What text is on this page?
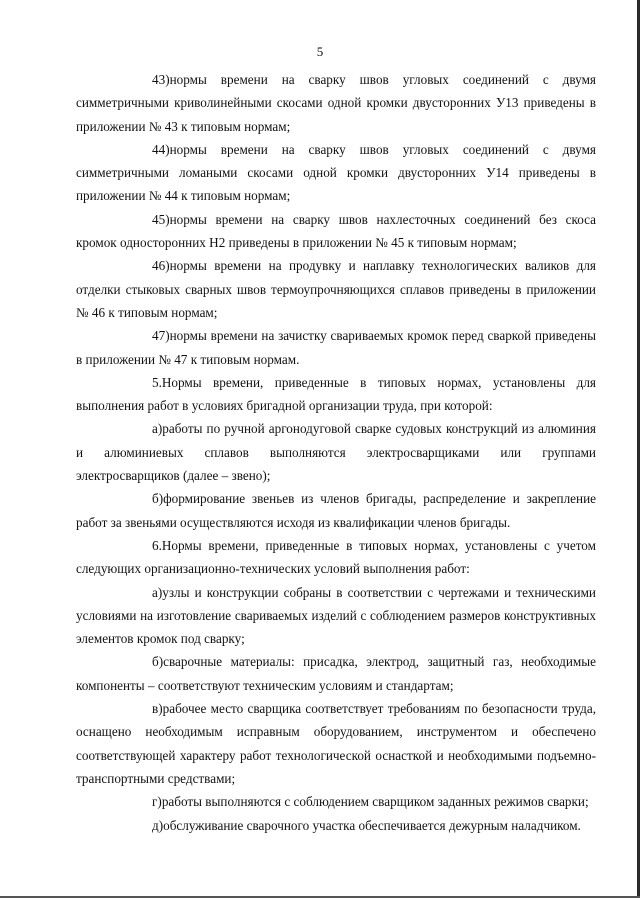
5

43)нормы времени на сварку швов угловых соединений с двумя симметричными криволинейными скосами одной кромки двусторонних У13 приведены в приложении № 43 к типовым нормам;

44)нормы времени на сварку швов угловых соединений с двумя симметричными ломаными скосами одной кромки двусторонних У14 приведены в приложении № 44 к типовым нормам;

45)нормы времени на сварку швов нахлесточных соединений без скоса кромок односторонних Н2 приведены в приложении № 45 к типовым нормам;

46)нормы времени на продувку и наплавку технологических валиков для отделки стыковых сварных швов термоупрочняющихся сплавов приведены в приложении № 46 к типовым нормам;

47)нормы времени на зачистку свариваемых кромок перед сваркой приведены в приложении № 47 к типовым нормам.

5.Нормы времени, приведенные в типовых нормах, установлены для выполнения работ в условиях бригадной организации труда, при которой:

а)работы по ручной аргонодуговой сварке судовых конструкций из алюминия и алюминиевых сплавов выполняются электросварщиками или группами электросварщиков (далее – звено);

б)формирование звеньев из членов бригады, распределение и закрепление работ за звеньями осуществляются исходя из квалификации членов бригады.

6.Нормы времени, приведенные в типовых нормах, установлены с учетом следующих организационно-технических условий выполнения работ:

а)узлы и конструкции собраны в соответствии с чертежами и техническими условиями на изготовление свариваемых изделий с соблюдением размеров конструктивных элементов кромок под сварку;

б)сварочные материалы: присадка, электрод, защитный газ, необходимые компоненты – соответствуют техническим условиям и стандартам;

в)рабочее место сварщика соответствует требованиям по безопасности труда, оснащено необходимым исправным оборудованием, инструментом и обеспечено соответствующей характеру работ технологической оснасткой и необходимыми подъемно-транспортными средствами;

г)работы выполняются с соблюдением сварщиком заданных режимов сварки;

д)обслуживание сварочного участка обеспечивается дежурным наладчиком.
